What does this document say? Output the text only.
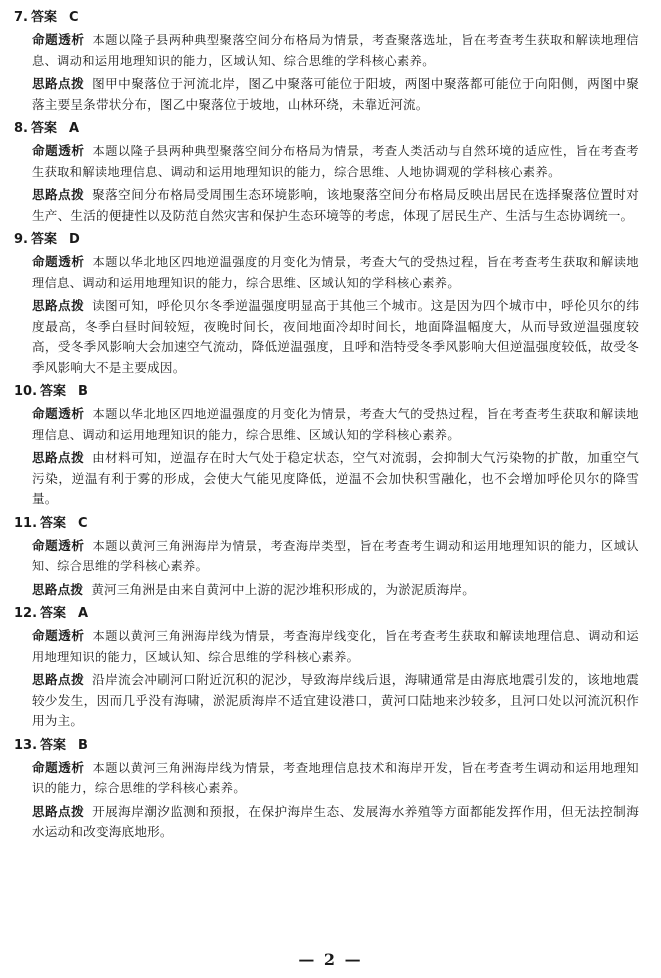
7. 答案 C
命题透析 本题以隆子县两种典型聚落空间分布格局为情景，考查聚落选址，旨在考查考生获取和解读地理信息、调动和运用地理知识的能力，区域认知、综合思维的学科核心素养。
思路点拨 图甲中聚落位于河流北岸，图乙中聚落可能位于阳坡，两图中聚落都可能位于向阳侧，两图中聚落主要呈条带状分布，图乙中聚落位于坡地，山林环绕，未靠近河流。
8. 答案 A
命题透析 本题以隆子县两种典型聚落空间分布格局为情景，考查人类活动与自然环境的适应性，旨在考查考生获取和解读地理信息、调动和运用地理知识的能力，综合思维、人地协调观的学科核心素养。
思路点拨 聚落空间分布格局受周围生态环境影响，该地聚落空间分布格局反映出居民在选择聚落位置时对生产、生活的便捷性以及防范自然灾害和保护生态环境等的考虑，体现了居民生产、生活与生态协调统一。
9. 答案 D
命题透析 本题以华北地区四地逆温强度的月变化为情景，考查大气的受热过程，旨在考查考生获取和解读地理信息、调动和运用地理知识的能力，综合思维、区域认知的学科核心素养。
思路点拨 读图可知，呼伦贝尔冬季逆温强度明显高于其他三个城市。这是因为四个城市中，呼伦贝尔的纬度最高，冬季白昼时间较短，夜晚时间长，夜间地面冷却时间长，地面降温幅度大，从而导致逆温强度较高，受冬季风影响大会加速空气流动，降低逆温强度，且呼和浩特受冬季风影响大但逆温强度较低，故受冬季风影响大不是主要成因。
10. 答案 B
命题透析 本题以华北地区四地逆温强度的月变化为情景，考查大气的受热过程，旨在考查考生获取和解读地理信息、调动和运用地理知识的能力，综合思维、区域认知的学科核心素养。
思路点拨 由材料可知，逆温存在时大气处于稳定状态，空气对流弱，会抑制大气污染物的扩散，加重空气污染，逆温有利于雾的形成，会使大气能见度降低，逆温不会加快积雪融化，也不会增加呼伦贝尔的降雪量。
11. 答案 C
命题透析 本题以黄河三角洲海岸为情景，考查海岸类型，旨在考查考生调动和运用地理知识的能力，区域认知、综合思维的学科核心素养。
思路点拨 黄河三角洲是由来自黄河中上游的泥沙堆积形成的，为淤泥质海岸。
12. 答案 A
命题透析 本题以黄河三角洲海岸线为情景，考查海岸线变化，旨在考查考生获取和解读地理信息、调动和运用地理知识的能力，区域认知、综合思维的学科核心素养。
思路点拨 沿岸流会冲刷河口附近沉积的泥沙，导致海岸线后退，海啸通常是由海底地震引发的，该地地震较少发生，因而几乎没有海啸，淤泥质海岸不适宜建设港口，黄河口陆地来沙较多，且河口处以河流沉积作用为主。
13. 答案 B
命题透析 本题以黄河三角洲海岸线为情景，考查地理信息技术和海岸开发，旨在考查考生调动和运用地理知识的能力，综合思维的学科核心素养。
思路点拨 开展海岸潮汐监测和预报，在保护海岸生态、发展海水养殖等方面都能发挥作用，但无法控制海水运动和改变海底地形。
— 2 —
